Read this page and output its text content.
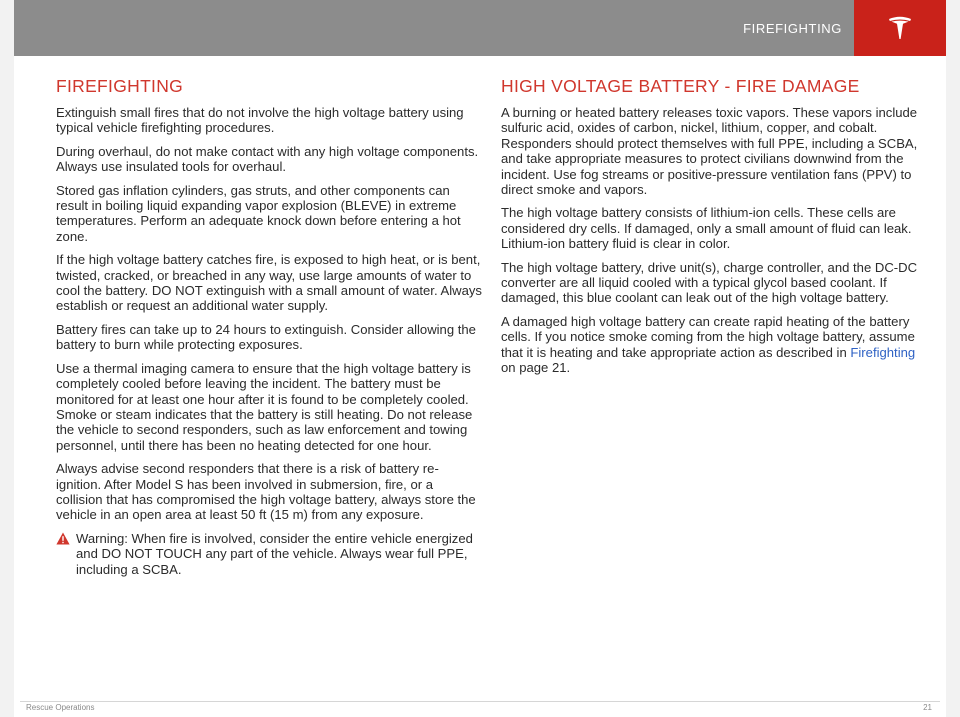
FIREFIGHTING
FIREFIGHTING

Extinguish small fires that do not involve the high voltage battery using typical vehicle firefighting procedures.

During overhaul, do not make contact with any high voltage components. Always use insulated tools for overhaul.

Stored gas inflation cylinders, gas struts, and other components can result in boiling liquid expanding vapor explosion (BLEVE) in extreme temperatures. Perform an adequate knock down before entering a hot zone.

If the high voltage battery catches fire, is exposed to high heat, or is bent, twisted, cracked, or breached in any way, use large amounts of water to cool the battery. DO NOT extinguish with a small amount of water. Always establish or request an additional water supply.

Battery fires can take up to 24 hours to extinguish. Consider allowing the battery to burn while protecting exposures.

Use a thermal imaging camera to ensure that the high voltage battery is completely cooled before leaving the incident. The battery must be monitored for at least one hour after it is found to be completely cooled. Smoke or steam indicates that the battery is still heating. Do not release the vehicle to second responders, such as law enforcement and towing personnel, until there has been no heating detected for one hour.

Always advise second responders that there is a risk of battery re-ignition. After Model S has been involved in submersion, fire, or a collision that has compromised the high voltage battery, always store the vehicle in an open area at least 50 ft (15 m) from any exposure.

Warning: When fire is involved, consider the entire vehicle energized and DO NOT TOUCH any part of the vehicle. Always wear full PPE, including a SCBA.
HIGH VOLTAGE BATTERY - FIRE DAMAGE

A burning or heated battery releases toxic vapors. These vapors include sulfuric acid, oxides of carbon, nickel, lithium, copper, and cobalt. Responders should protect themselves with full PPE, including a SCBA, and take appropriate measures to protect civilians downwind from the incident. Use fog streams or positive-pressure ventilation fans (PPV) to direct smoke and vapors.

The high voltage battery consists of lithium-ion cells. These cells are considered dry cells. If damaged, only a small amount of fluid can leak. Lithium-ion battery fluid is clear in color.

The high voltage battery, drive unit(s), charge controller, and the DC-DC converter are all liquid cooled with a typical glycol based coolant. If damaged, this blue coolant can leak out of the high voltage battery.

A damaged high voltage battery can create rapid heating of the battery cells. If you notice smoke coming from the high voltage battery, assume that it is heating and take appropriate action as described in Firefighting on page 21.

Rescue Operations	21
